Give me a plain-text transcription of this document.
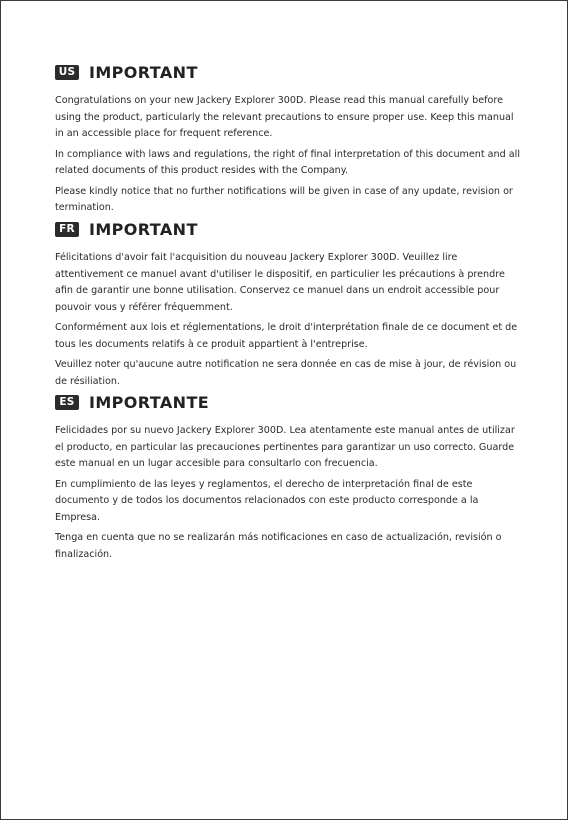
US IMPORTANT

Congratulations on your new Jackery Explorer 300D. Please read this manual carefully before using the product, particularly the relevant precautions to ensure proper use. Keep this manual in an accessible place for frequent reference.

In compliance with laws and regulations, the right of final interpretation of this document and all related documents of this product resides with the Company.

Please kindly notice that no further notifications will be given in case of any update, revision or termination.

FR IMPORTANT

Félicitations d'avoir fait l'acquisition du nouveau Jackery Explorer 300D. Veuillez lire attentivement ce manuel avant d'utiliser le dispositif, en particulier les précautions à prendre afin de garantir une bonne utilisation. Conservez ce manuel dans un endroit accessible pour pouvoir vous y référer fréquemment.

Conformément aux lois et réglementations, le droit d'interprétation finale de ce document et de tous les documents relatifs à ce produit appartient à l'entreprise.

Veuillez noter qu'aucune autre notification ne sera donnée en cas de mise à jour, de révision ou de résiliation.

ES IMPORTANTE

Felicidades por su nuevo Jackery Explorer 300D. Lea atentamente este manual antes de utilizar el producto, en particular las precauciones pertinentes para garantizar un uso correcto. Guarde este manual en un lugar accesible para consultarlo con frecuencia.

En cumplimiento de las leyes y reglamentos, el derecho de interpretación final de este documento y de todos los documentos relacionados con este producto corresponde a la Empresa.

Tenga en cuenta que no se realizarán más notificaciones en caso de actualización, revisión o finalización.
